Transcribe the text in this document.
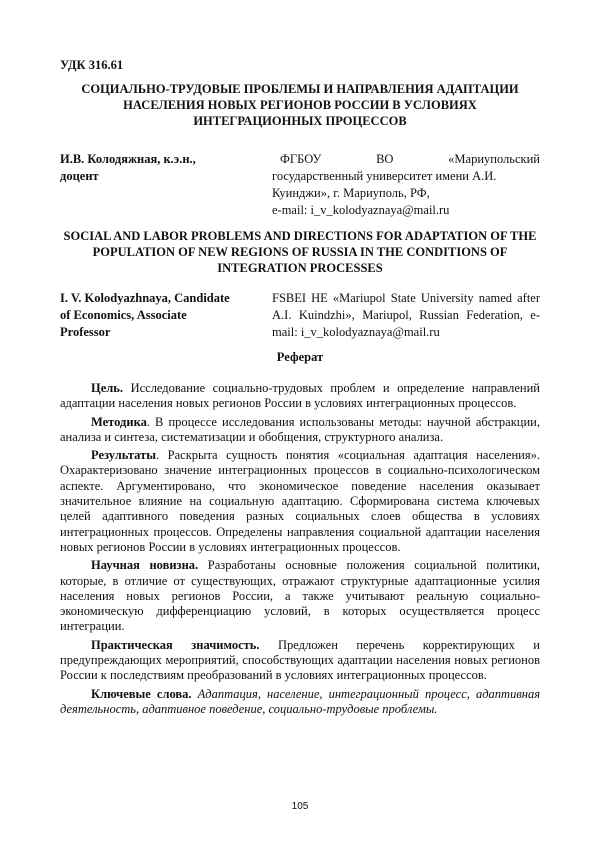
УДК 316.61
СОЦИАЛЬНО-ТРУДОВЫЕ ПРОБЛЕМЫ И НАПРАВЛЕНИЯ АДАПТАЦИИ НАСЕЛЕНИЯ НОВЫХ РЕГИОНОВ РОССИИ В УСЛОВИЯХ ИНТЕГРАЦИОННЫХ ПРОЦЕССОВ
И.В. Колодяжная, к.э.н.,
доцент
ФГБОУ	ВО	«Мариупольский
государственный университет имени А.И.
Куинджи», г. Мариуполь, РФ,
e-mail: i_v_kolodyaznaya@mail.ru
SOCIAL AND LABOR PROBLEMS AND DIRECTIONS FOR ADAPTATION OF THE POPULATION OF NEW REGIONS OF RUSSIA IN THE CONDITIONS OF INTEGRATION PROCESSES
I. V. Kolodyazhnaya, Candidate
of Economics, Associate
Professor
FSBEI HE «Mariupol State University named after A.I. Kuindzhi», Mariupol, Russian Federation, e-mail: i_v_kolodyaznaya@mail.ru
Реферат

Цель. Исследование социально-трудовых проблем и определение направлений адаптации населения новых регионов России в условиях интеграционных процессов.

Методика. В процессе исследования использованы методы: научной абстракции, анализа и синтеза, систематизации и обобщения, структурного анализа.

Результаты. Раскрыта сущность понятия «социальная адаптация населения». Охарактеризовано значение интеграционных процессов в социально-психологическом аспекте. Аргументировано, что экономическое поведение населения оказывает значительное влияние на социальную адаптацию. Сформирована система ключевых целей адаптивного поведения разных социальных слоев общества в условиях интеграционных процессов. Определены направления социальной адаптации населения новых регионов России в условиях интеграционных процессов.

Научная новизна. Разработаны основные положения социальной политики, которые, в отличие от существующих, отражают структурные адаптационные усилия населения новых регионов России, а также учитывают реальную социально-экономическую дифференциацию условий, в которых осуществляется процесс интеграции.

Практическая значимость. Предложен перечень корректирующих и предупреждающих мероприятий, способствующих адаптации населения новых регионов России к последствиям преобразований в условиях интеграционных процессов.

Ключевые слова. Адаптация, население, интеграционный процесс, адаптивная деятельность, адаптивное поведение, социально-трудовые проблемы.

105
